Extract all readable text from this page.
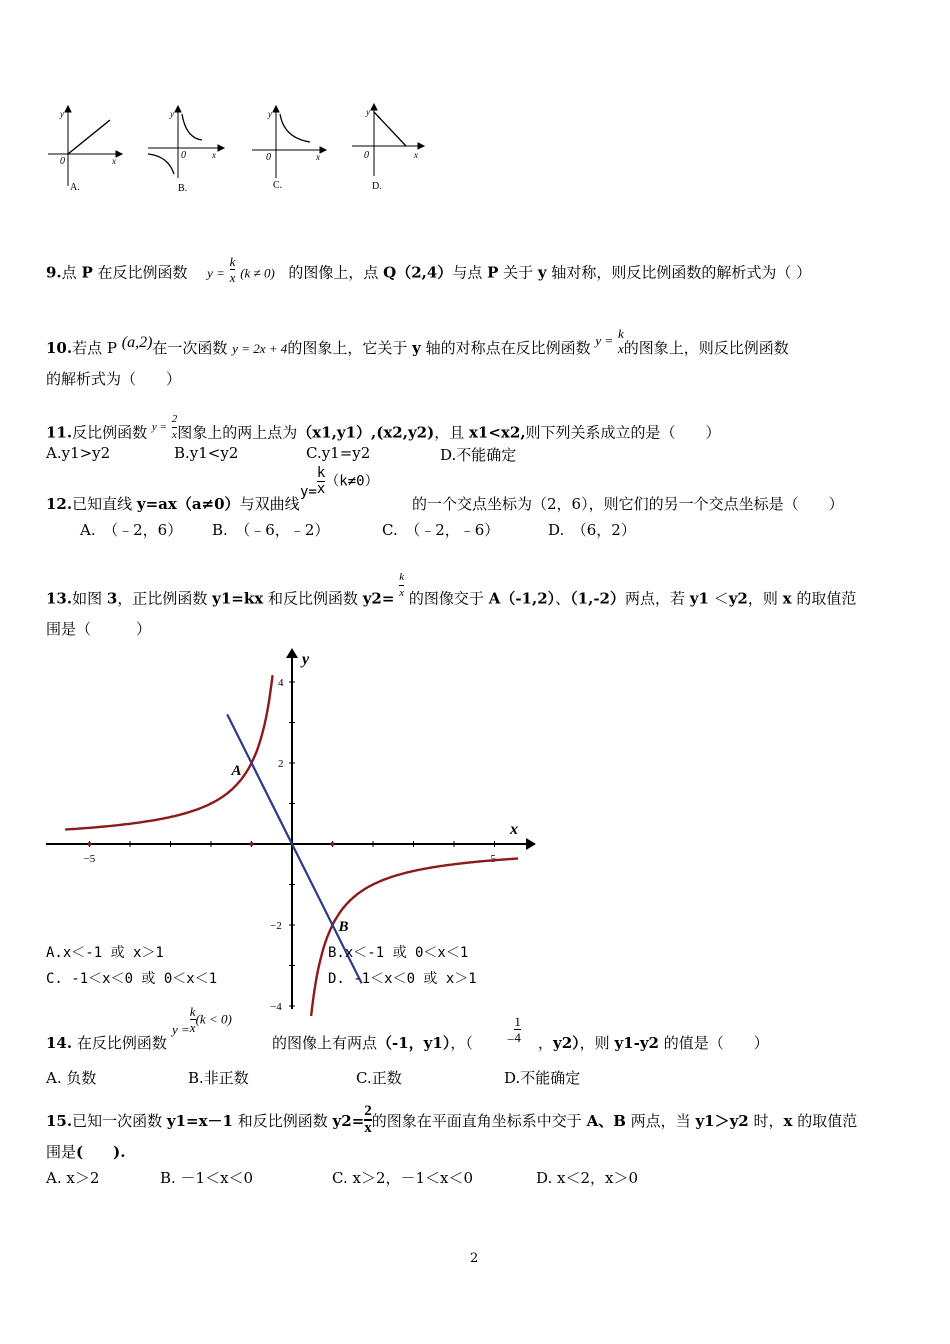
y
0	x
A.
y
0	x
B.
y
0	x
C.
y
0	x
D.
9.点 P 在反比例函数 $y = \frac{k}{x} (k \ne 0)$ 的图像上，点 Q（2,4）与点 P 关于 y 轴对称，则反比例函数的解析式为（ ）
10.若点 P (a,2)在一次函数 y = 2x + 4的图象上，它关于 y 轴的对称点在反比例函数 y = k
x 的图象上，则反比例函数
的解析式为（　　）
11.反比例函数 $^{y =} \frac{2}{x}$ 图象上的两上点为（x1,y1）,(x2,y2)，且 x1<x2,则下列关系成立的是（　　）
A.y1>y2	B.y1<y2	C.y1=y2	D.不能确定
12.已知直线 y=ax（a≠0）与双曲线
$y= \frac{k}{x} (k\ne 0)$
的一个交点坐标为（2，6），则它们的另一个交点坐标是（　　）
A.　（﹣2，6） B.　（﹣6，﹣2）	C.　（﹣2，﹣6）	D.　（6，2）
13.如图 3，正比例函数 y1=kx 和反比例函数 $y2= \frac{k}{x}$ 的图像交于 A（-1,2）、（1,-2）两点，若 y1 ＜y2，则 x 的取值范
围是（　　　）
−5	5
4
2
−2
−4
x
y
A
B
A.x＜-1 或 x＞1	B.x＜-1 或 0＜x＜1
C. -1＜x＜0 或 0＜x＜1	D. -1＜x＜0 或 x＞1
14. 在反比例函数
$y = \frac{k}{x} (k < 0)$
的图像上有两点（-1，y1），（	− $\frac{1}{4}$ ，y2），则 y1-y2 的值是（　　）
A. 负数	B.非正数	C.正数	D.不能确定
15.已知一次函数 y1=x－1 和反比例函数 $y2= \frac{2}{x}$ 的图象在平面直角坐标系中交于 A、B 两点，当 y1＞y2 时，x 的取值范
围是(　　).
A. x＞2	B. －1＜x＜0	C. x＞2，－1＜x＜0	D. x＜2，x＞0
2
